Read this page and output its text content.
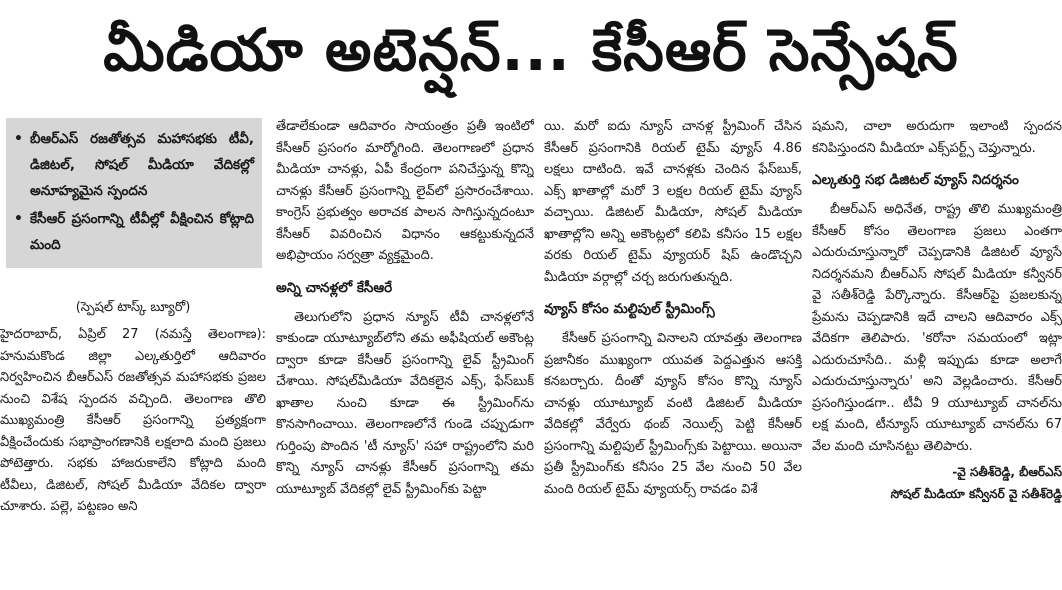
మీడియా అటెన్షన్... కేసీఆర్ సెన్సేషన్
• బీఆర్ఎస్ రజతోత్సవ మహాసభకు టీవీ, డిజిటల్, సోషల్ మీడియా వేదికల్లో అనూహ్యమైన స్పందన
• కేసీఆర్ ప్రసంగాన్ని టీవీల్లో వీక్షించిన కోట్లాది మంది
(స్పెషల్ టాస్క్ బ్యూరో)

హైదరాబాద్, ఏప్రిల్ 27 (నమస్తే తెలంగాణ): హనుమకొండ జిల్లా ఎల్కతుర్తిలో ఆదివారం నిర్వహించిన బీఆర్ఎస్ రజతోత్సవ మహాసభకు ప్రజల నుంచి విశేష స్పందన వచ్చింది. తెలంగాణ తొలి ముఖ్యమంత్రి కేసీఆర్ ప్రసంగాన్ని ప్రత్యక్షంగా వీక్షించేందుకు సభాప్రాంగణానికి లక్షలాది మంది ప్రజలు పోటెత్తారు. సభకు హాజరుకాలేని కోట్లాది మంది టీవీలు, డిజిటల్, సోషల్ మీడియా వేదికల ద్వారా చూశారు. పల్లె, పట్టణం అని

తేడాలేకుండా ఆదివారం సాయంత్రం ప్రతీ ఇంటిలో కేసీఆర్ ప్రసంగం మార్మోగింది. తెలంగాణలో ప్రధాన మీడియా చానళ్లు, ఏపీ కేంద్రంగా పనిచేస్తున్న కొన్ని చానళ్లు కేసీఆర్ ప్రసంగాన్ని లైవ్‌లో ప్రసారంచేశాయి. కాంగ్రెస్ ప్రభుత్వం అరాచక పాలన సాగిస్తున్నదంటూ కేసీఆర్ వివరించిన విధానం ఆకట్టుకున్నదనే అభిప్రాయం సర్వత్రా వ్యక్తమైంది.

అన్ని చానళ్లలో కేసీఆరే

తెలుగులోని ప్రధాన న్యూస్ టీవీ చానళ్లలోనే కాకుండా యూట్యూబ్‌లోని తమ అఫీషియల్ అకౌంట్ల ద్వారా కూడా కేసీఆర్ ప్రసంగాన్ని లైవ్ స్ట్రీమింగ్ చేశాయి. సోషల్‌మీడియా వేదికలైన ఎక్స్, ఫేస్‌బుక్ ఖాతాల నుంచి కూడా ఈ స్ట్రీమింగ్‌ను కొనసాగించాయి. తెలంగాణలోనే గుండె చప్పుడుగా గుర్తింపు పొందిన 'టీ న్యూస్' సహా రాష్ట్రంలోని మరి కొన్ని న్యూస్ చానళ్లు కేసీఆర్ ప్రసంగాన్ని తమ యూట్యూబ్ వేదికల్లో లైవ్ స్ట్రీమింగ్‌కు పెట్టా

యి. మరో ఐదు న్యూస్ చానళ్ల స్ట్రీమింగ్ చేసిన కేసీఆర్ ప్రసంగానికి రియల్ టైమ్ వ్యూస్ 4.86 లక్షలు దాటింది. ఇవే చానళ్లకు చెందిన ఫేస్‌బుక్, ఎక్స్ ఖాతాల్లో మరో 3 లక్షల రియల్ టైమ్ వ్యూస్ వచ్చాయి. డిజిటల్ మీడియా, సోషల్ మీడియా ఖాతాల్లోని అన్ని అకౌంట్లలో కలిపి కనీసం 15 లక్షల వరకు రియల్ టైమ్ వ్యూయర్ షిప్ ఉండొచ్చని మీడియా వర్గాల్లో చర్చ జరుగుతున్నది.

వ్యూస్ కోసం మల్టిపుల్ స్ట్రీమింగ్స్

కేసీఆర్ ప్రసంగాన్ని వినాలని యావత్తు తెలంగాణ ప్రజానీకం ముఖ్యంగా యువత పెద్దఎత్తున ఆసక్తి కనబర్చారు. దీంతో వ్యూస్ కోసం కొన్ని న్యూస్ చానళ్లు యూట్యూబ్ వంటి డిజిటల్ మీడియా వేదికల్లో వేర్వేరు థంబ్ నెయిల్స్ పెట్టి కేసీఆర్ ప్రసంగాన్ని మల్టిపుల్ స్ట్రీమింగ్స్‌కు పెట్టాయి. అయినా ప్రతీ స్ట్రీమింగ్‌కు కనీసం 25 వేల నుంచి 50 వేల మంది రియల్ టైమ్ వ్యూయర్స్ రావడం విశే

షమని, చాలా అరుదుగా ఇలాంటి స్పందన కనిపిస్తుందని మీడియా ఎక్స్‌పర్ట్స్ చెప్తున్నారు.

ఎల్కతుర్తి సభ డిజిటల్ వ్యూస్ నిదర్శనం

బీఆర్ఎస్ అధినేత, రాష్ట్ర తొలి ముఖ్యమంత్రి కేసీఆర్ కోసం తెలంగాణ ప్రజలు ఎంతగా ఎదురుచూస్తున్నారో చెప్పడానికి డిజిటల్ వ్యూసే నిదర్శనమని బీఆర్ఎస్ సోషల్ మీడియా కన్వీనర్ వై సతీశ్‌రెడ్డి పేర్కొన్నారు. కేసీఆర్‌పై ప్రజలకున్న ప్రేమను చెప్పడానికి ఇదే చాలని ఆదివారం ఎక్స్ వేదికగా తెలిపారు. 'కరోనా సమయంలో ఇట్లా ఎదురుచూసేది.. మళ్లీ ఇప్పుడు కూడా అలాగే ఎదురుచూస్తున్నారు' అని వెల్లడించారు. కేసీఆర్ ప్రసంగిస్తుండగా.. టీవీ 9 యూట్యూబ్ చానల్‌ను లక్ష మంది, టీన్యూస్ యూట్యూబ్ చానల్‌ను 67 వేల మంది చూసినట్టు తెలిపారు.

-వై సతీశ్‌రెడ్డి, బీఆర్ఎస్
సోషల్ మీడియా కన్వీనర్ వై సతీశ్‌రెడ్డి
